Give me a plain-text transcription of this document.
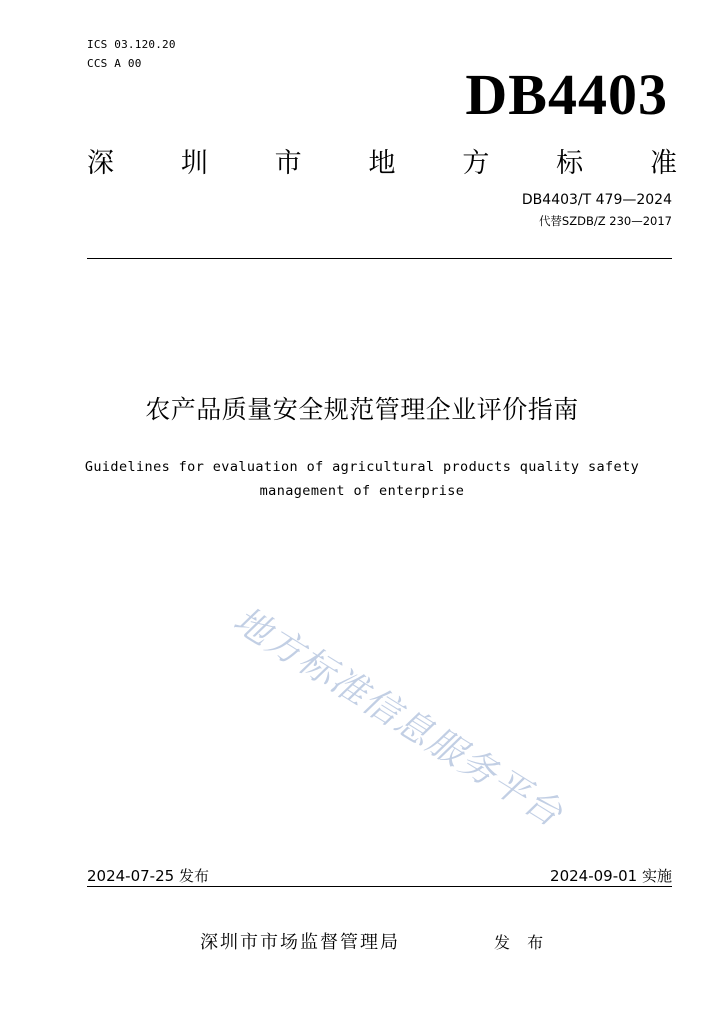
ICS 03.120.20
CCS A 00	DB4403
深 圳 市 地 方 标 准
DB4403/T 479—2024
代替SZDB/Z 230—2017
农产品质量安全规范管理企业评价指南
Guidelines for evaluation of agricultural products quality safety management of enterprise
地方标准信息服务平台
2024-07-25 发布	2024-09-01 实施
深圳市市场监督管理局	发 布
